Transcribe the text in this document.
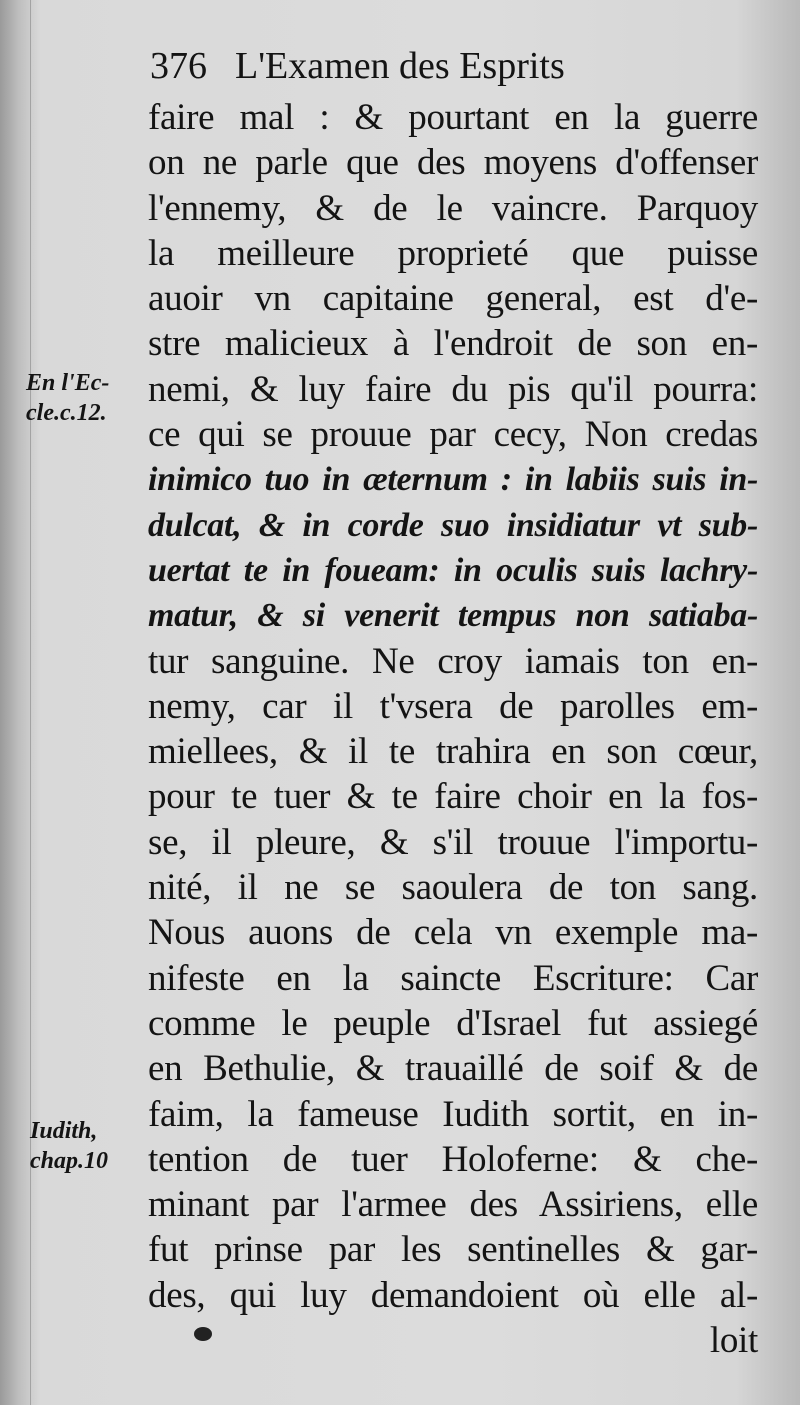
376 L'Examen des Esprits
En l'Ec-
cle.c.12.
Iudith,
chap.10
faire mal : & pourtant en la guerre
on ne parle que des moyens d'offenser
l'ennemy, & de le vaincre. Parquoy
la meilleure proprieté que puisse
auoir vn capitaine general, est d'e-
stre malicieux à l'endroit de son en-
nemi, & luy faire du pis qu'il pourra:
ce qui se prouue par cecy, Non credas
inimico tuo in æternum : in labiis suis in-
dulcat, & in corde suo insidiatur vt sub-
uertat te in foueam: in oculis suis lachry-
matur, & si venerit tempus non satiaba-
tur sanguine. Ne croy iamais ton en-
nemy, car il t'vsera de parolles em-
miellees, & il te trahira en son cœur,
pour te tuer & te faire choir en la fos-
se, il pleure, & s'il trouue l'importu-
nité, il ne se saoulera de ton sang.
Nous auons de cela vn exemple ma-
nifeste en la saincte Escriture: Car
comme le peuple d'Israel fut assiegé
en Bethulie, & trauaillé de soif & de
faim, la fameuse Iudith sortit, en in-
tention de tuer Holoferne: & che-
minant par l'armee des Assiriens, elle
fut prinse par les sentinelles & gar-
des, qui luy demandoient où elle al-
loit
